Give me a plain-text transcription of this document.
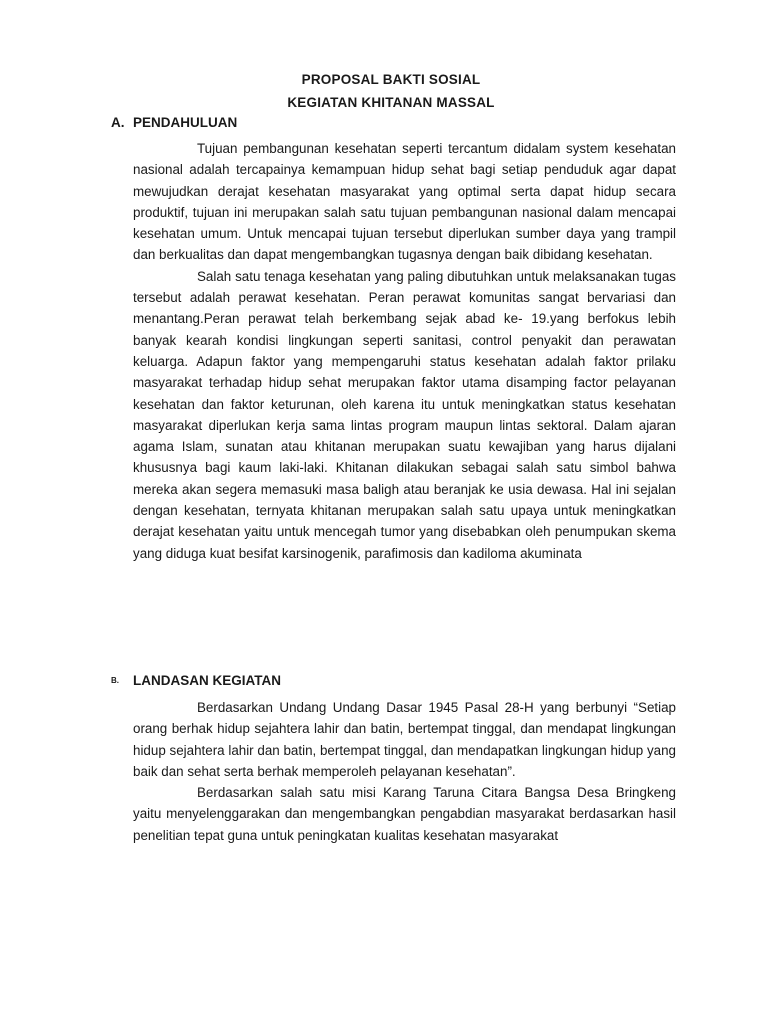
PROPOSAL BAKTI SOSIAL
KEGIATAN KHITANAN MASSAL
A. PENDAHULUAN

Tujuan pembangunan kesehatan seperti tercantum didalam system kesehatan nasional adalah tercapainya kemampuan hidup sehat bagi setiap penduduk agar dapat mewujudkan derajat kesehatan masyarakat yang optimal serta dapat hidup secara produktif, tujuan ini merupakan salah satu tujuan pembangunan nasional dalam mencapai kesehatan umum. Untuk mencapai tujuan tersebut diperlukan sumber daya yang trampil dan berkualitas dan dapat mengembangkan tugasnya dengan baik dibidang kesehatan.

Salah satu tenaga kesehatan yang paling dibutuhkan untuk melaksanakan tugas tersebut adalah perawat kesehatan. Peran perawat komunitas sangat bervariasi dan menantang.Peran perawat telah berkembang sejak abad ke- 19.yang berfokus lebih banyak kearah kondisi lingkungan seperti sanitasi, control penyakit dan perawatan keluarga. Adapun faktor yang mempengaruhi status kesehatan adalah faktor prilaku masyarakat terhadap hidup sehat merupakan faktor utama disamping factor pelayanan kesehatan dan faktor keturunan, oleh karena itu untuk meningkatkan status kesehatan masyarakat diperlukan kerja sama lintas program maupun lintas sektoral. Dalam ajaran agama Islam, sunatan atau khitanan merupakan suatu kewajiban yang harus dijalani khususnya bagi kaum laki-laki. Khitanan dilakukan sebagai salah satu simbol bahwa mereka akan segera memasuki masa baligh atau beranjak ke usia dewasa. Hal ini sejalan dengan kesehatan, ternyata khitanan merupakan salah satu upaya untuk meningkatkan derajat kesehatan yaitu untuk mencegah tumor yang disebabkan oleh penumpukan skema yang diduga kuat besifat karsinogenik, parafimosis dan kadiloma akuminata

B. LANDASAN KEGIATAN

Berdasarkan Undang Undang Dasar 1945 Pasal 28-H yang berbunyi “Setiap orang berhak hidup sejahtera lahir dan batin, bertempat tinggal, dan mendapat lingkungan hidup sejahtera lahir dan batin, bertempat tinggal, dan mendapatkan lingkungan hidup yang baik dan sehat serta berhak memperoleh pelayanan kesehatan”.

Berdasarkan salah satu misi Karang Taruna Citara Bangsa Desa Bringkeng yaitu menyelenggarakan dan mengembangkan pengabdian masyarakat berdasarkan hasil penelitian tepat guna untuk peningkatan kualitas kesehatan masyarakat
